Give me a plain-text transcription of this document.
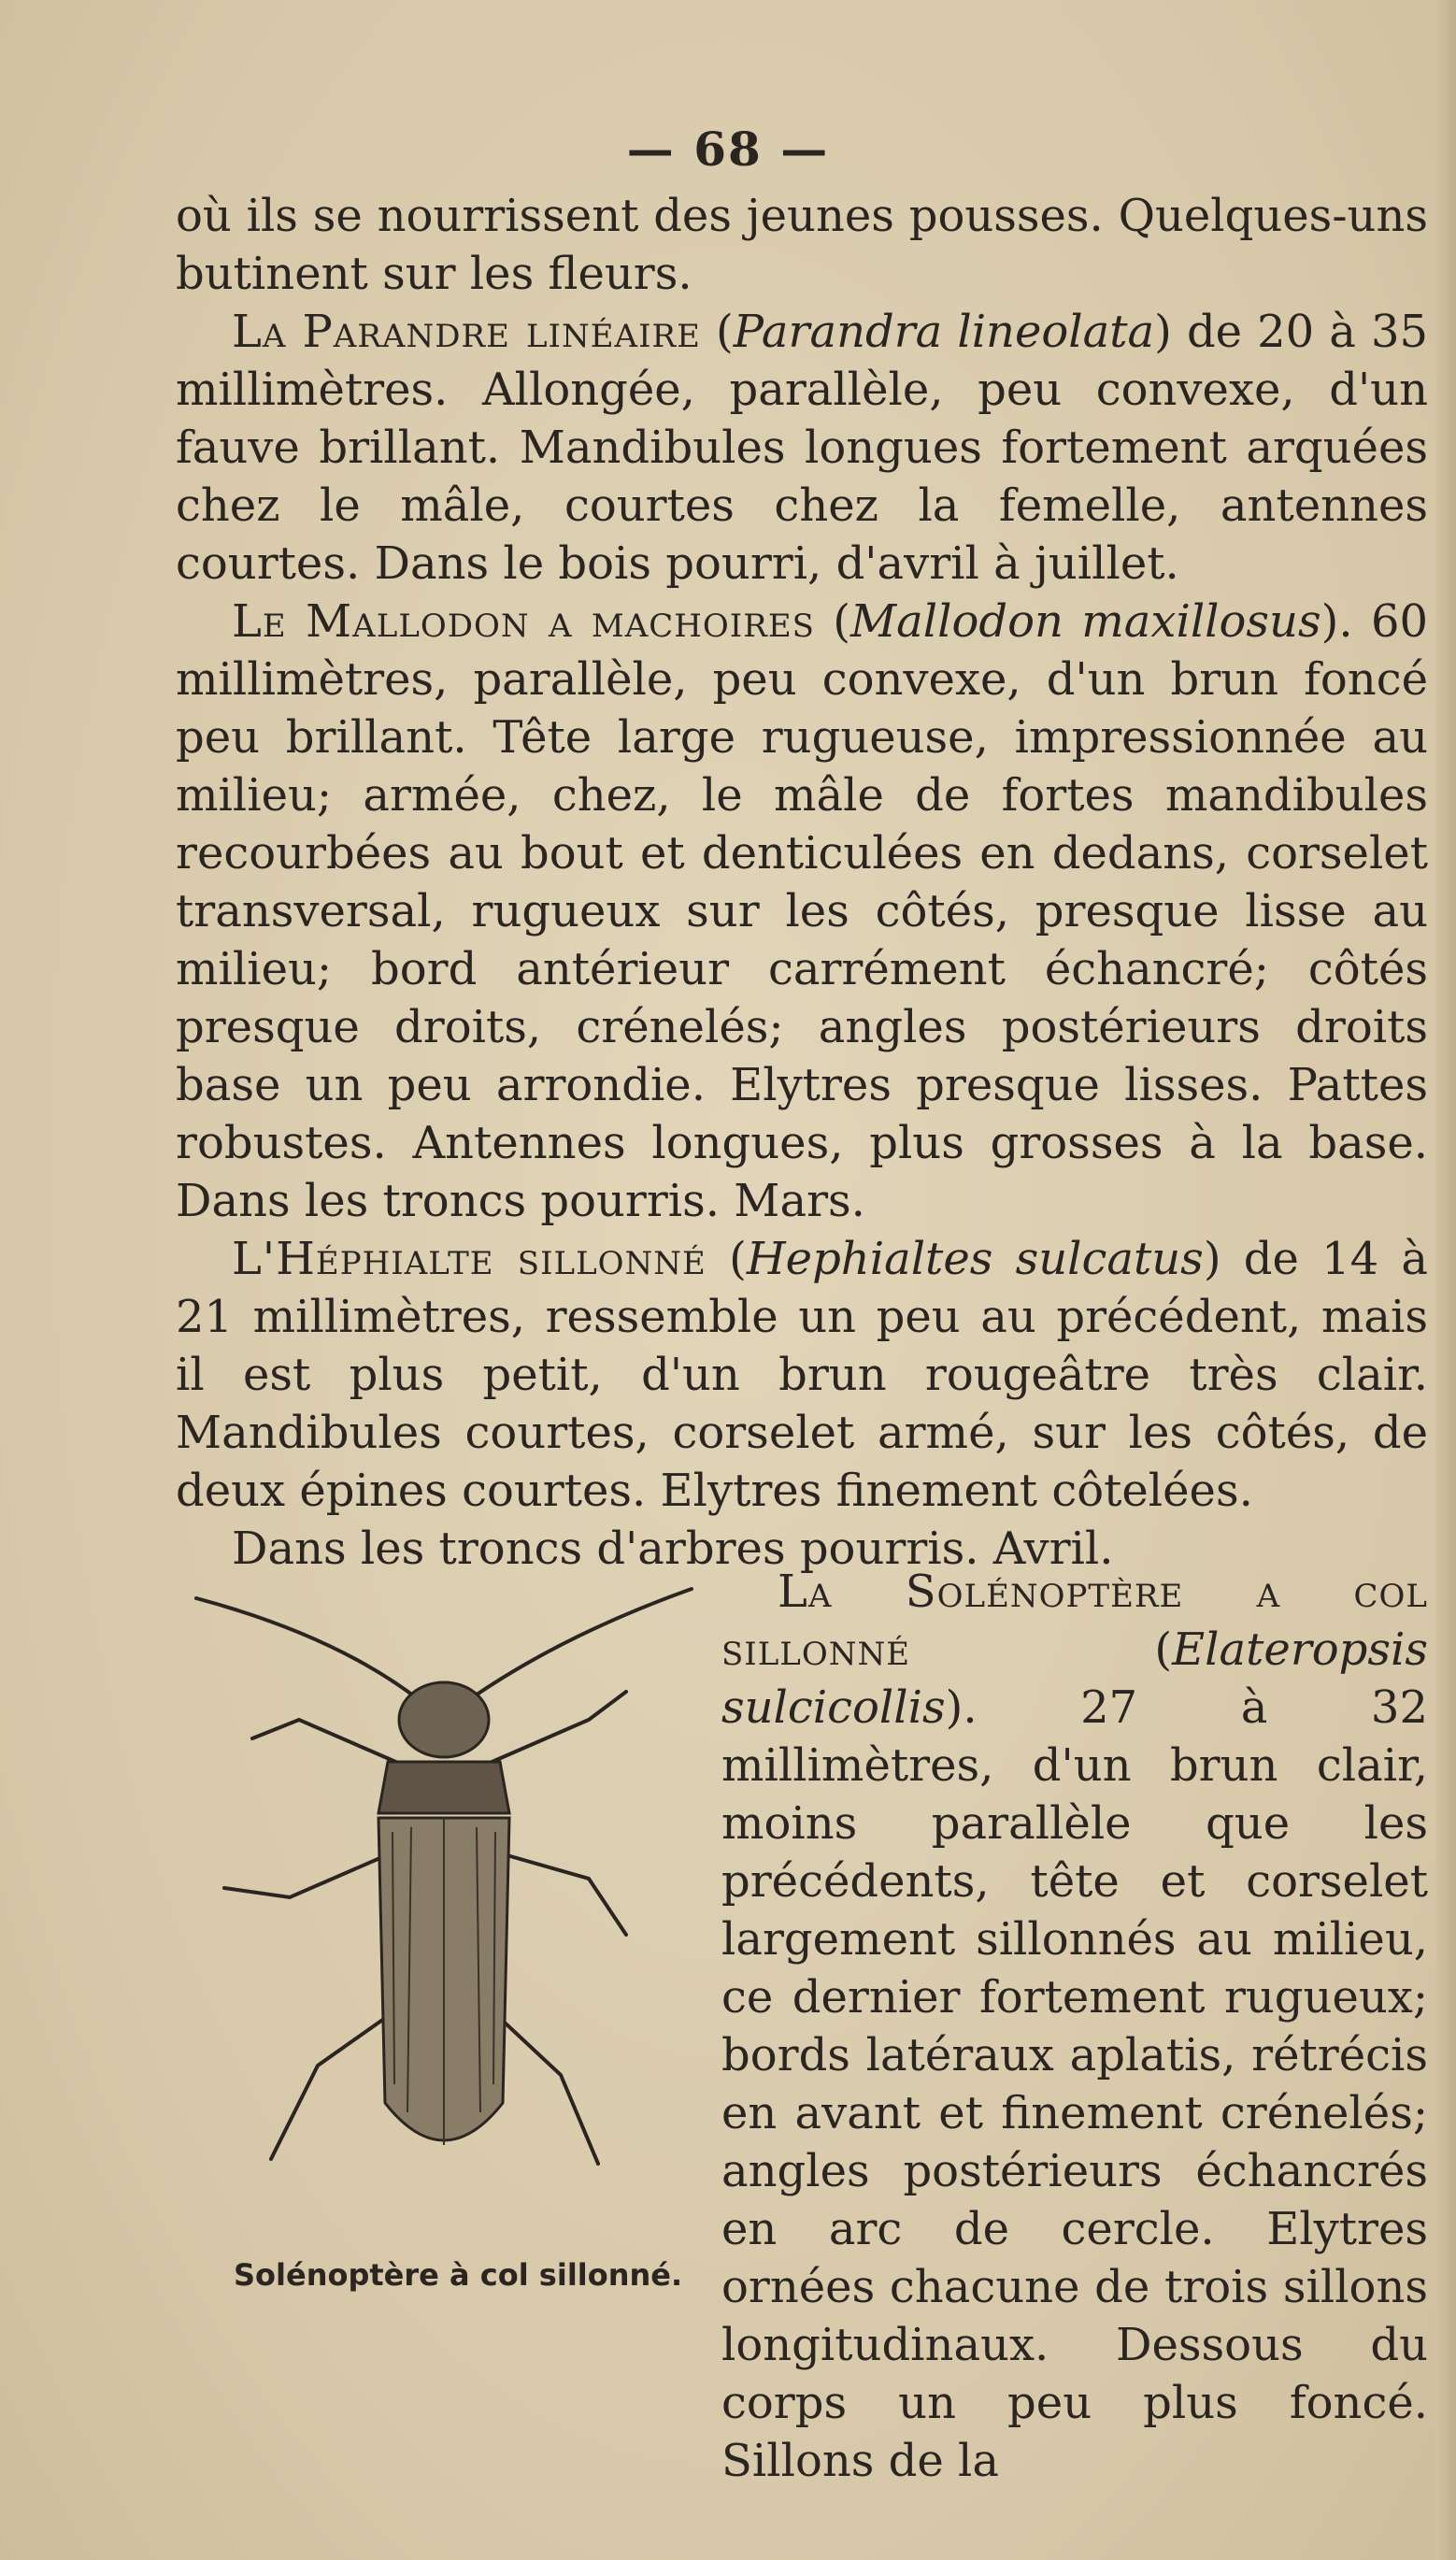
— 68 —

où ils se nourrissent des jeunes pousses. Quelques-uns butinent sur les fleurs.

La Parandre linéaire (Parandra lineolata) de 20 à 35 millimètres. Allongée, parallèle, peu convexe, d'un fauve brillant. Mandibules longues fortement arquées chez le mâle, courtes chez la femelle, antennes courtes. Dans le bois pourri, d'avril à juillet.

Le Mallodon a machoires (Mallodon maxillosus). 60 millimètres, parallèle, peu convexe, d'un brun foncé peu brillant. Tête large rugueuse, impressionnée au milieu; armée, chez, le mâle de fortes mandibules recourbées au bout et denticulées en dedans, corselet transversal, rugueux sur les côtés, presque lisse au milieu; bord antérieur carrément échancré; côtés presque droits, crénelés; angles postérieurs droits base un peu arrondie. Elytres presque lisses. Pattes robustes. Antennes longues, plus grosses à la base. Dans les troncs pourris. Mars.

L'Héphialte sillonné (Hephialtes sulcatus) de 14 à 21 millimètres, ressemble un peu au précédent, mais il est plus petit, d'un brun rougeâtre très clair. Mandibules courtes, corselet armé, sur les côtés, de deux épines courtes. Elytres finement côtelées.

Dans les troncs d'arbres pourris. Avril.

Solénoptère à col sillonné.

La Solénoptère a col sillonné (Elateropsis sulcicollis). 27 à 32 millimètres, d'un brun clair, moins parallèle que les précédents, tête et corselet largement sillonnés au milieu, ce dernier fortement rugueux; bords latéraux aplatis, rétrécis en avant et finement crénelés; angles postérieurs échancrés en arc de cercle. Elytres ornées chacune de trois sillons longitudinaux. Dessous du corps un peu plus foncé. Sillons de la
